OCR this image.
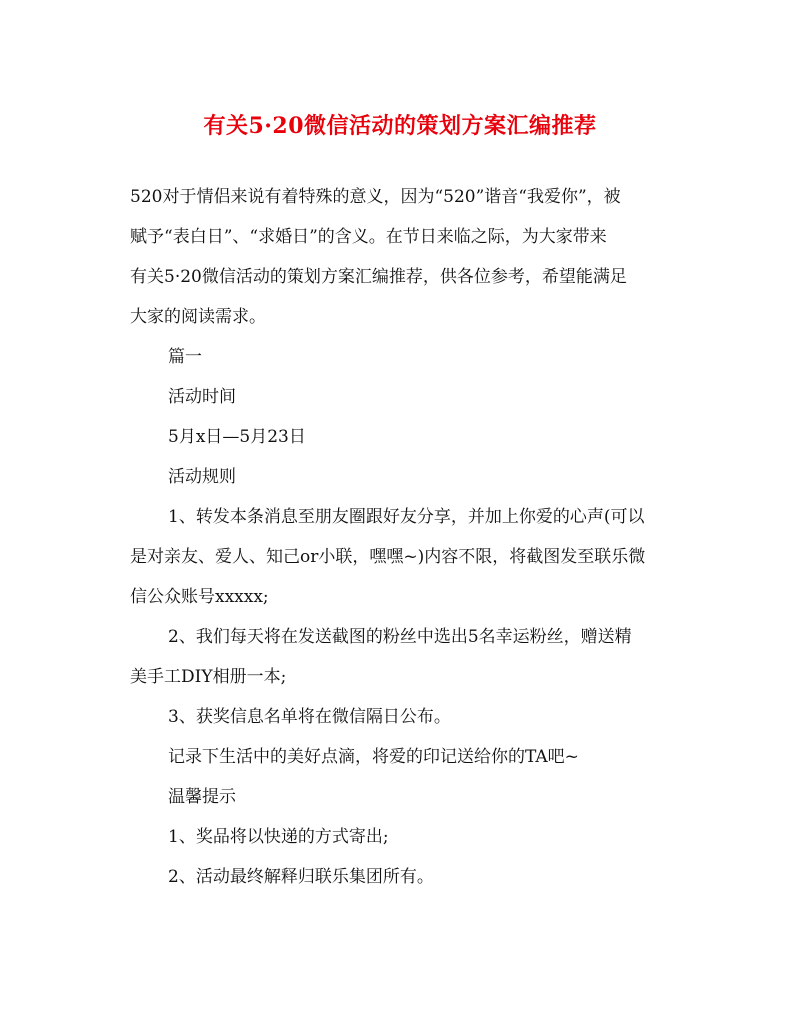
有关5·20微信活动的策划方案汇编推荐
520对于情侣来说有着特殊的意义，因为“520”谐音“我爱你”，被
赋予“表白日”、“求婚日”的含义。在节日来临之际，为大家带来
有关5·20微信活动的策划方案汇编推荐，供各位参考，希望能满足
大家的阅读需求。
篇一
活动时间
5月x日—5月23日
活动规则
1、转发本条消息至朋友圈跟好友分享，并加上你爱的心声(可以
是对亲友、爱人、知己or小联，嘿嘿~)内容不限，将截图发至联乐微
信公众账号xxxxx;
2、我们每天将在发送截图的粉丝中选出5名幸运粉丝，赠送精
美手工DIY相册一本;
3、获奖信息名单将在微信隔日公布。
记录下生活中的美好点滴，将爱的印记送给你的TA吧~
温馨提示
1、奖品将以快递的方式寄出;
2、活动最终解释归联乐集团所有。
